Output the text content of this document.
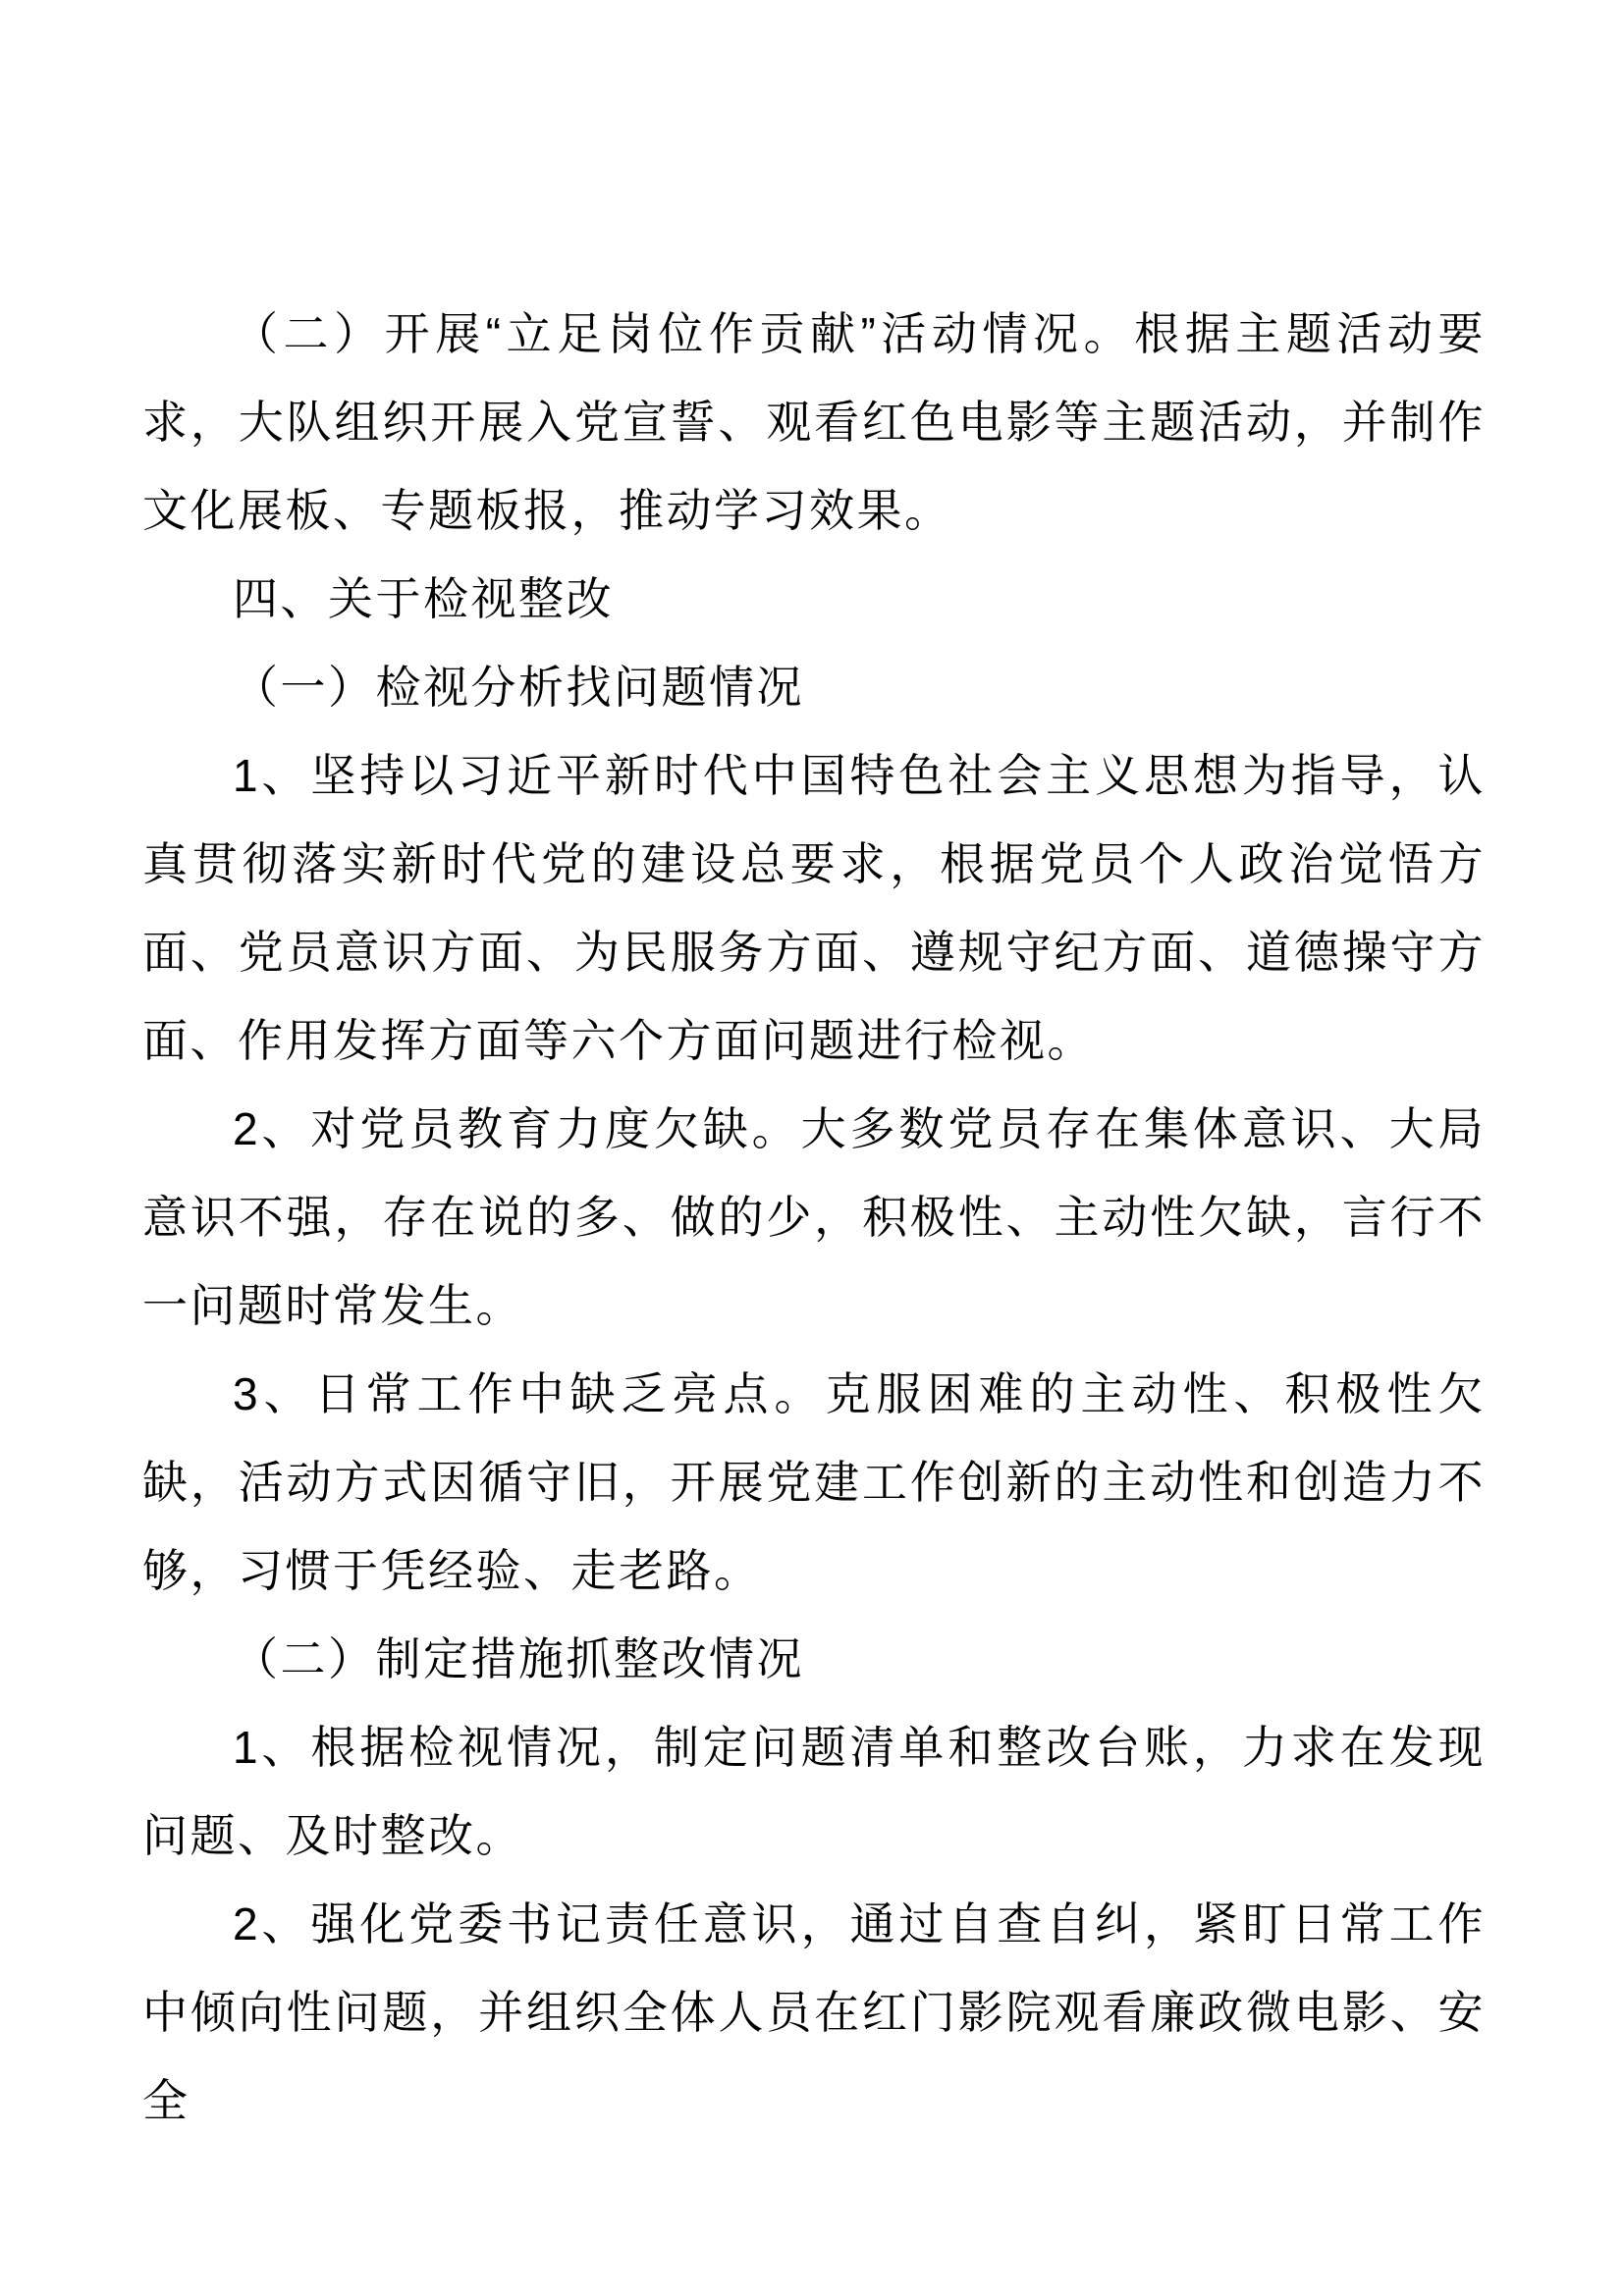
（二）开展“立足岗位作贡献”活动情况。根据主题活动要求，大队组织开展入党宣誓、观看红色电影等主题活动，并制作文化展板、专题板报，推动学习效果。

四、关于检视整改

（一）检视分析找问题情况

1、坚持以习近平新时代中国特色社会主义思想为指导，认真贯彻落实新时代党的建设总要求，根据党员个人政治觉悟方面、党员意识方面、为民服务方面、遵规守纪方面、道德操守方面、作用发挥方面等六个方面问题进行检视。

2、对党员教育力度欠缺。大多数党员存在集体意识、大局意识不强，存在说的多、做的少，积极性、主动性欠缺，言行不一问题时常发生。

3、日常工作中缺乏亮点。克服困难的主动性、积极性欠缺，活动方式因循守旧，开展党建工作创新的主动性和创造力不够，习惯于凭经验、走老路。

（二）制定措施抓整改情况

1、根据检视情况，制定问题清单和整改台账，力求在发现问题、及时整改。

2、强化党委书记责任意识，通过自查自纠，紧盯日常工作中倾向性问题，并组织全体人员在红门影院观看廉政微电影、安全
